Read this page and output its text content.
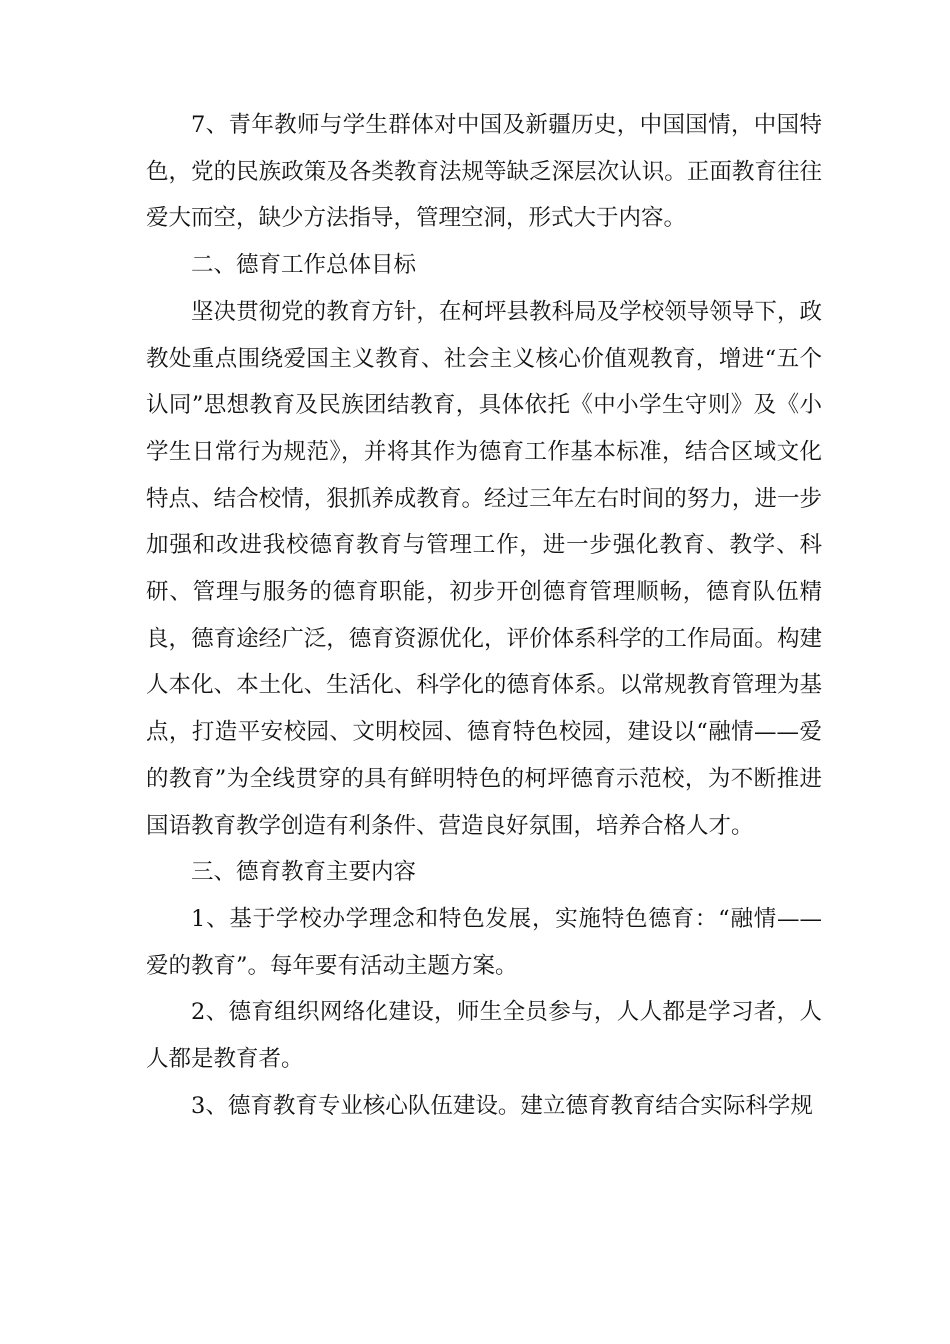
7、青年教师与学生群体对中国及新疆历史，中国国情，中国特色，党的民族政策及各类教育法规等缺乏深层次认识。正面教育往往爱大而空，缺少方法指导，管理空洞，形式大于内容。

二、德育工作总体目标

坚决贯彻党的教育方针，在柯坪县教科局及学校领导领导下，政教处重点围绕爱国主义教育、社会主义核心价值观教育，增进“五个认同”思想教育及民族团结教育，具体依托《中小学生守则》及《小学生日常行为规范》，并将其作为德育工作基本标准，结合区域文化特点、结合校情，狠抓养成教育。经过三年左右时间的努力，进一步加强和改进我校德育教育与管理工作，进一步强化教育、教学、科研、管理与服务的德育职能，初步开创德育管理顺畅，德育队伍精良，德育途经广泛，德育资源优化，评价体系科学的工作局面。构建人本化、本土化、生活化、科学化的德育体系。以常规教育管理为基点，打造平安校园、文明校园、德育特色校园，建设以“融情——爱的教育”为全线贯穿的具有鲜明特色的柯坪德育示范校，为不断推进国语教育教学创造有利条件、营造良好氛围，培养合格人才。

三、德育教育主要内容

1、基于学校办学理念和特色发展，实施特色德育：“融情——爱的教育”。每年要有活动主题方案。

2、德育组织网络化建设，师生全员参与，人人都是学习者，人人都是教育者。

3、德育教育专业核心队伍建设。建立德育教育结合实际科学规
